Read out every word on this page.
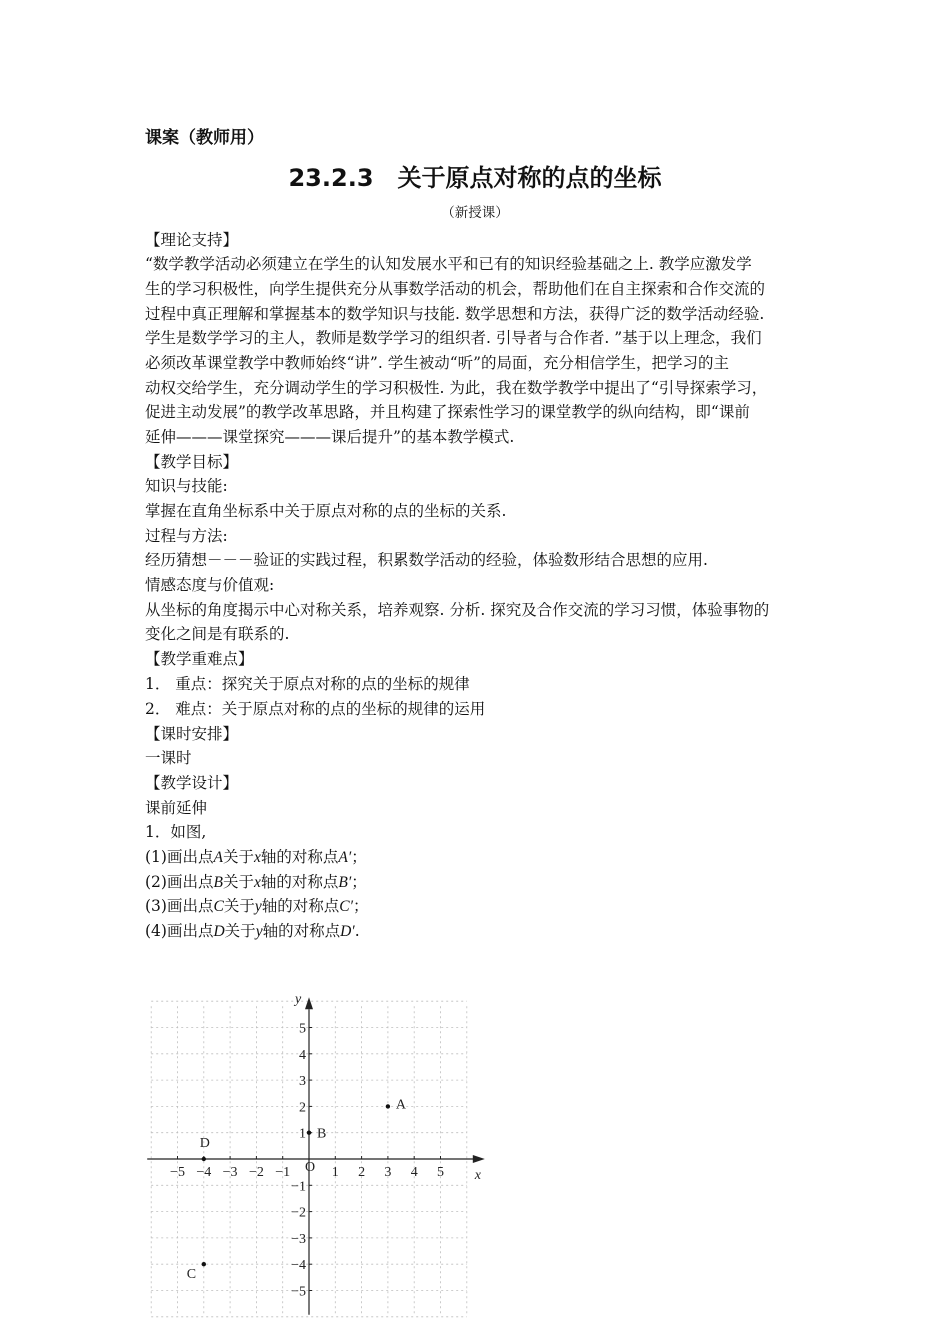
课案（教师用）
23.2.3　关于原点对称的点的坐标
（新授课）
【理论支持】
“数学教学活动必须建立在学生的认知发展水平和已有的知识经验基础之上. 教学应激发学
生的学习积极性，向学生提供充分从事数学活动的机会，帮助他们在自主探索和合作交流的
过程中真正理解和掌握基本的数学知识与技能. 数学思想和方法，获得广泛的数学活动经验.
学生是数学学习的主人，教师是数学学习的组织者. 引导者与合作者. ”基于以上理念，我们
必须改革课堂教学中教师始终“讲”. 学生被动“听”的局面，充分相信学生，把学习的主
动权交给学生，充分调动学生的学习积极性. 为此，我在数学教学中提出了“引导探索学习，
促进主动发展”的教学改革思路，并且构建了探索性学习的课堂教学的纵向结构，即“课前
延伸———课堂探究———课后提升”的基本教学模式.
【教学目标】
知识与技能:
掌握在直角坐标系中关于原点对称的点的坐标的关系.
过程与方法:
经历猜想－－－验证的实践过程，积累数学活动的经验，体验数形结合思想的应用.
情感态度与价值观:
从坐标的角度揭示中心对称关系，培养观察. 分析. 探究及合作交流的学习习惯，体验事物的
变化之间是有联系的.
【教学重难点】
1． 重点：探究关于原点对称的点的坐标的规律
2． 难点：关于原点对称的点的坐标的规律的运用
【课时安排】
一课时
【教学设计】
课前延伸
1．如图,
(1)画出点A关于x轴的对称点A′；
(2)画出点B关于x轴的对称点B′；
(3)画出点C关于y轴的对称点C′；
(4)画出点D关于y轴的对称点D′.
x
y
O
−5 −4 −3 −2 −1	1 2 3 4 5
5
4
3
2
1
−1
−2
−3
−4
−5
A
B
C
D
